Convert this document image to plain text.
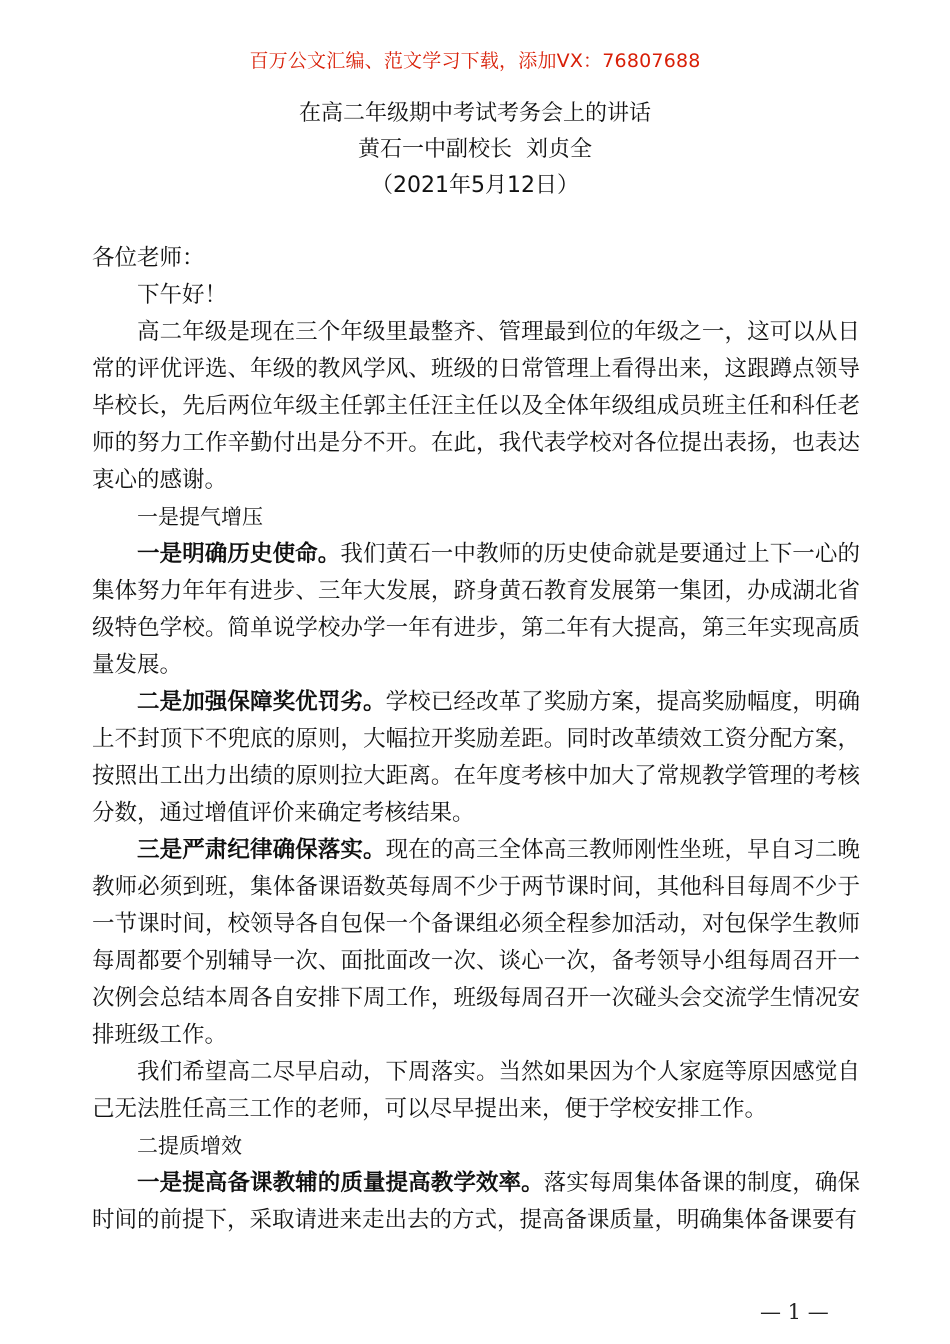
百万公文汇编、范文学习下载，添加VX：76807688
在高二年级期中考试考务会上的讲话
黄石一中副校长  刘贞全
（2021年5月12日）

各位老师：

下午好！

高二年级是现在三个年级里最整齐、管理最到位的年级之一，这可以从日常的评优评选、年级的教风学风、班级的日常管理上看得出来，这跟蹲点领导毕校长，先后两位年级主任郭主任汪主任以及全体年级组成员班主任和科任老师的努力工作辛勤付出是分不开。在此，我代表学校对各位提出表扬，也表达衷心的感谢。

一是提气增压

一是明确历史使命。我们黄石一中教师的历史使命就是要通过上下一心的集体努力年年有进步、三年大发展，跻身黄石教育发展第一集团，办成湖北省级特色学校。简单说学校办学一年有进步，第二年有大提高，第三年实现高质量发展。

二是加强保障奖优罚劣。学校已经改革了奖励方案，提高奖励幅度，明确上不封顶下不兜底的原则，大幅拉开奖励差距。同时改革绩效工资分配方案，按照出工出力出绩的原则拉大距离。在年度考核中加大了常规教学管理的考核分数，通过增值评价来确定考核结果。

三是严肃纪律确保落实。现在的高三全体高三教师刚性坐班，早自习二晚教师必须到班，集体备课语数英每周不少于两节课时间，其他科目每周不少于一节课时间，校领导各自包保一个备课组必须全程参加活动，对包保学生教师每周都要个别辅导一次、面批面改一次、谈心一次，备考领导小组每周召开一次例会总结本周各自安排下周工作，班级每周召开一次碰头会交流学生情况安排班级工作。

我们希望高二尽早启动，下周落实。当然如果因为个人家庭等原因感觉自己无法胜任高三工作的老师，可以尽早提出来，便于学校安排工作。

二提质增效

一是提高备课教辅的质量提高教学效率。落实每周集体备课的制度，确保时间的前提下，采取请进来走出去的方式，提高备课质量，明确集体备课要有

— 1 —
